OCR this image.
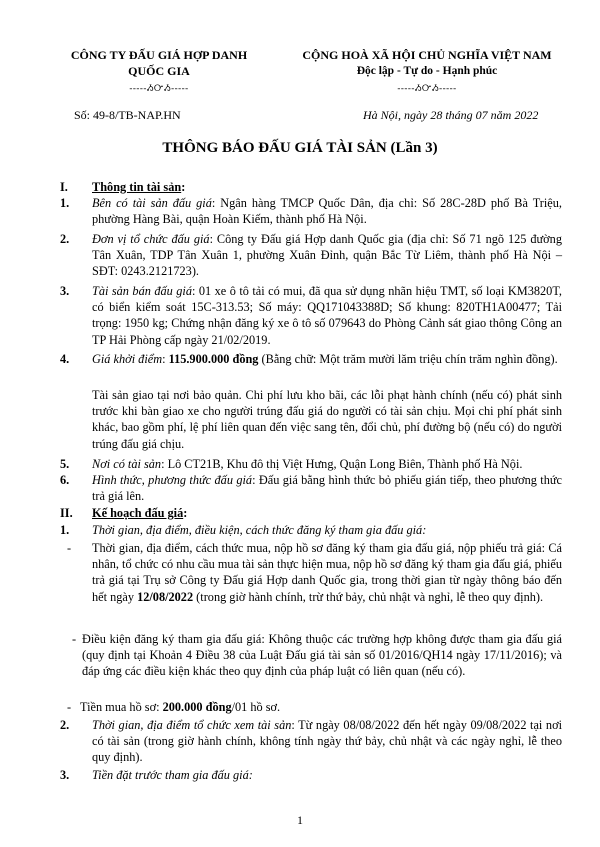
CÔNG TY ĐẤU GIÁ HỢP DANH
QUỐC GIA
-----ᏱᏅᏱ-----
Số: 49-8/TB-NAP.HN
CỘNG HOÀ XÃ HỘI CHỦ NGHĨA VIỆT NAM
Độc lập - Tự do - Hạnh phúc
-----ᏱᏅᏱ-----
Hà Nội, ngày 28 tháng 07 năm 2022
THÔNG BÁO ĐẤU GIÁ TÀI SẢN (Lần 3)
I. Thông tin tài sản:
1. Bên có tài sản đấu giá: Ngân hàng TMCP Quốc Dân, địa chỉ: Số 28C-28D phố Bà Triệu, phường Hàng Bài, quận Hoàn Kiếm, thành phố Hà Nội.
2. Đơn vị tổ chức đấu giá: Công ty Đấu giá Hợp danh Quốc gia (địa chỉ: Số 71 ngõ 125 đường Tân Xuân, TDP Tân Xuân 1, phường Xuân Đỉnh, quận Bắc Từ Liêm, thành phố Hà Nội – SĐT: 0243.2121723).
3. Tài sản bán đấu giá: 01 xe ô tô tải có mui, đã qua sử dụng nhãn hiệu TMT, số loại KM3820T, có biển kiểm soát 15C-313.53; Số máy: QQ171043388D; Số khung: 820TH1A00477; Tải trọng: 1950 kg; Chứng nhận đăng ký xe ô tô số 079643 do Phòng Cảnh sát giao thông Công an TP Hải Phòng cấp ngày 21/02/2019.
4. Giá khởi điểm: 115.900.000 đồng (Bằng chữ: Một trăm mười lăm triệu chín trăm nghìn đồng).
Tài sản giao tại nơi bảo quản. Chi phí lưu kho bãi, các lỗi phạt hành chính (nếu có) phát sinh trước khi bàn giao xe cho người trúng đấu giá do người có tài sản chịu. Mọi chi phí phát sinh khác, bao gồm phí, lệ phí liên quan đến việc sang tên, đổi chủ, phí đường bộ (nếu có) do người trúng đấu giá chịu.
5. Nơi có tài sản: Lô CT21B, Khu đô thị Việt Hưng, Quận Long Biên, Thành phố Hà Nội.
6. Hình thức, phương thức đấu giá: Đấu giá bằng hình thức bỏ phiếu gián tiếp, theo phương thức trả giá lên.
II. Kế hoạch đấu giá:
1. Thời gian, địa điểm, điều kiện, cách thức đăng ký tham gia đấu giá:
- Thời gian, địa điểm, cách thức mua, nộp hồ sơ đăng ký tham gia đấu giá, nộp phiếu trả giá: Cá nhân, tổ chức có nhu cầu mua tài sản thực hiện mua, nộp hồ sơ đăng ký tham gia đấu giá, phiếu trả giá tại Trụ sở Công ty Đấu giá Hợp danh Quốc gia, trong thời gian từ ngày thông báo đến hết ngày 12/08/2022 (trong giờ hành chính, trừ thứ bảy, chủ nhật và nghỉ, lễ theo quy định).
- Điều kiện đăng ký tham gia đấu giá: Không thuộc các trường hợp không được tham gia đấu giá (quy định tại Khoản 4 Điều 38 của Luật Đấu giá tài sản số 01/2016/QH14 ngày 17/11/2016); và đáp ứng các điều kiện khác theo quy định của pháp luật có liên quan (nếu có).
- Tiền mua hồ sơ: 200.000 đồng/01 hồ sơ.
2. Thời gian, địa điểm tổ chức xem tài sản: Từ ngày 08/08/2022 đến hết ngày 09/08/2022 tại nơi có tài sản (trong giờ hành chính, không tính ngày thứ bảy, chủ nhật và các ngày nghỉ, lễ theo quy định).
3. Tiền đặt trước tham gia đấu giá:
1
